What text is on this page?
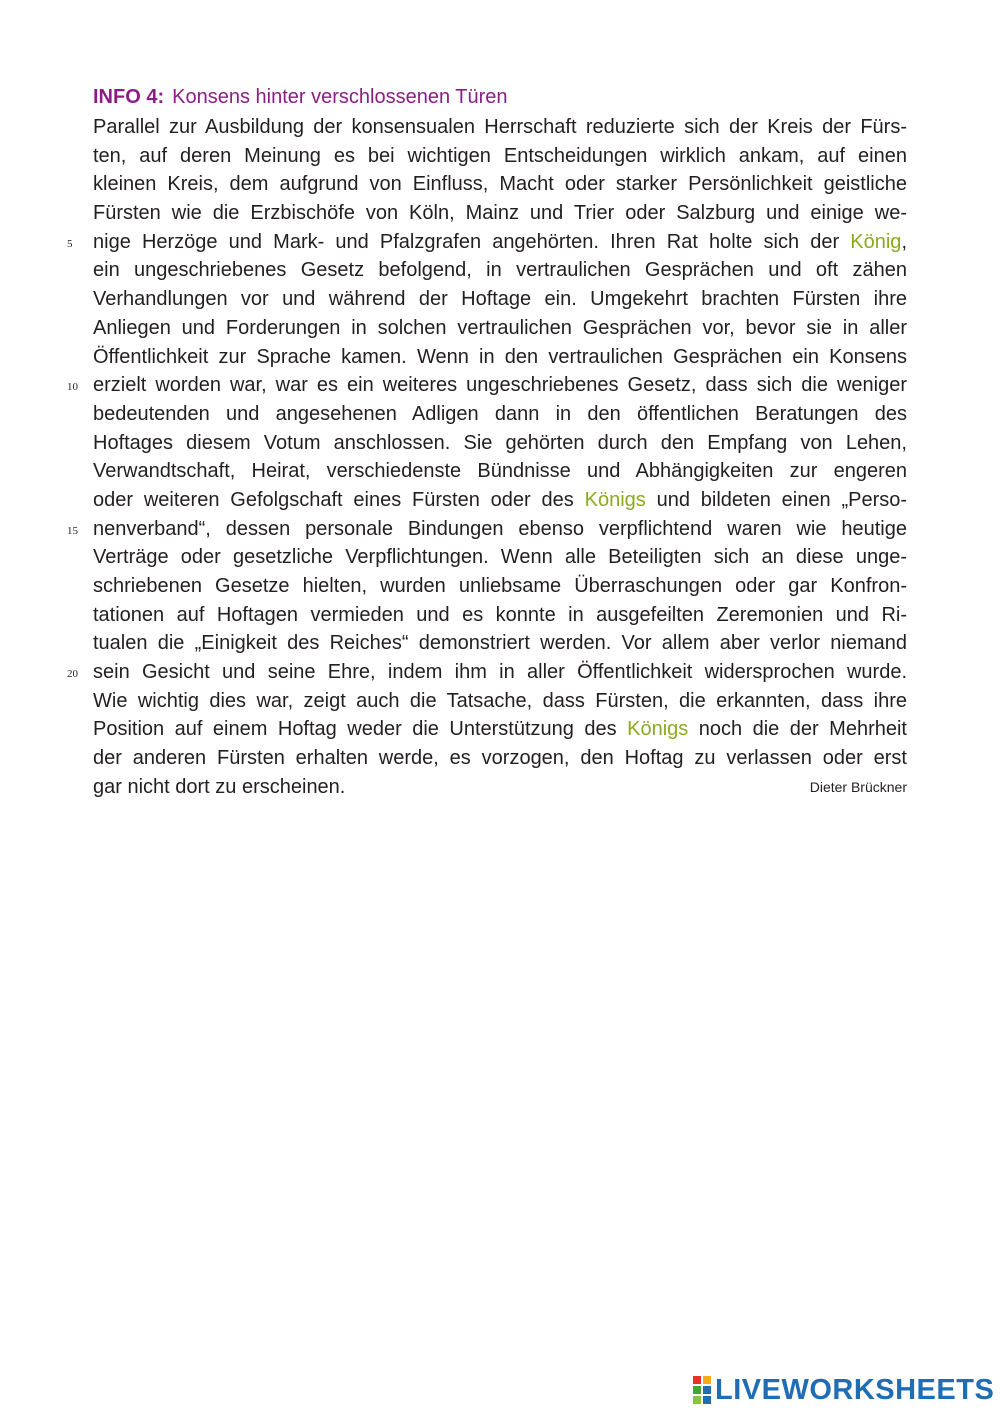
INFO 4: Konsens hinter verschlossenen Türen
Parallel zur Ausbildung der konsensualen Herrschaft reduzierte sich der Kreis der Fürs-
ten, auf deren Meinung es bei wichtigen Entscheidungen wirklich ankam, auf einen
kleinen Kreis, dem aufgrund von Einfluss, Macht oder starker Persönlichkeit geistliche
Fürsten wie die Erzbischöfe von Köln, Mainz und Trier oder Salzburg und einige we-
nige Herzöge und Mark- und Pfalzgrafen angehörten. Ihren Rat holte sich der König,
5
ein ungeschriebenes Gesetz befolgend, in vertraulichen Gesprächen und oft zähen
Verhandlungen vor und während der Hoftage ein. Umgekehrt brachten Fürsten ihre
Anliegen und Forderungen in solchen vertraulichen Gesprächen vor, bevor sie in aller
Öffentlichkeit zur Sprache kamen. Wenn in den vertraulichen Gesprächen ein Konsens
erzielt worden war, war es ein weiteres ungeschriebenes Gesetz, dass sich die weniger
10
bedeutenden und angesehenen Adligen dann in den öffentlichen Beratungen des
Hoftages diesem Votum anschlossen. Sie gehörten durch den Empfang von Lehen,
Verwandtschaft, Heirat, verschiedenste Bündnisse und Abhängigkeiten zur engeren
oder weiteren Gefolgschaft eines Fürsten oder des Königs und bildeten einen „Perso-
nenverband“, dessen personale Bindungen ebenso verpflichtend waren wie heutige
15
Verträge oder gesetzliche Verpflichtungen. Wenn alle Beteiligten sich an diese unge-
schriebenen Gesetze hielten, wurden unliebsame Überraschungen oder gar Konfron-
tationen auf Hoftagen vermieden und es konnte in ausgefeilten Zeremonien und Ri-
tualen die „Einigkeit des Reiches“ demonstriert werden. Vor allem aber verlor niemand
sein Gesicht und seine Ehre, indem ihm in aller Öffentlichkeit widersprochen wurde.
20
Wie wichtig dies war, zeigt auch die Tatsache, dass Fürsten, die erkannten, dass ihre
Position auf einem Hoftag weder die Unterstützung des Königs noch die der Mehrheit
der anderen Fürsten erhalten werde, es vorzogen, den Hoftag zu verlassen oder erst
gar nicht dort zu erscheinen.	Dieter Brückner
LIVEWORKSHEETS
